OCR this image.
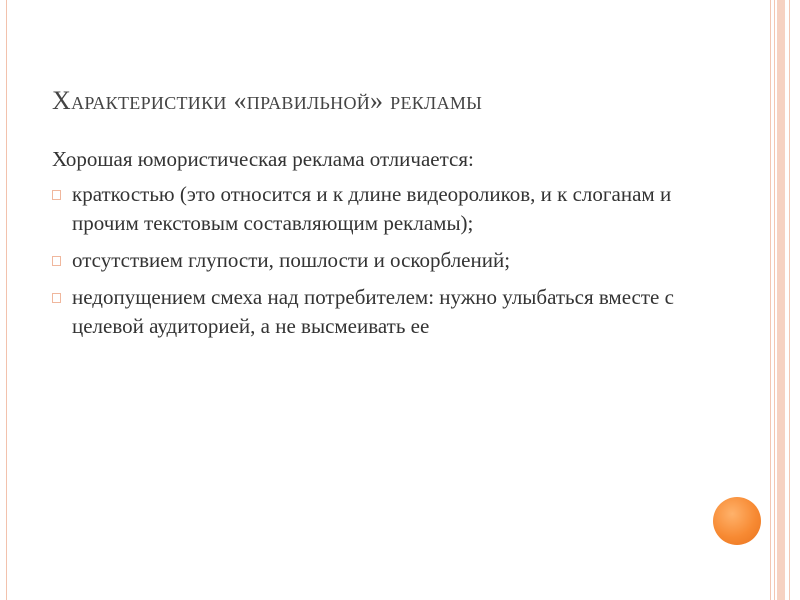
Характеристики «правильной» рекламы

Хорошая юмористическая реклама отличается:

краткостью (это относится и к длине видеороликов, и к слоганам и прочим текстовым составляющим рекламы);
отсутствием глупости, пошлости и оскорблений;
недопущением смеха над потребителем: нужно улыбаться вместе с целевой аудиторией, а не высмеивать ее
